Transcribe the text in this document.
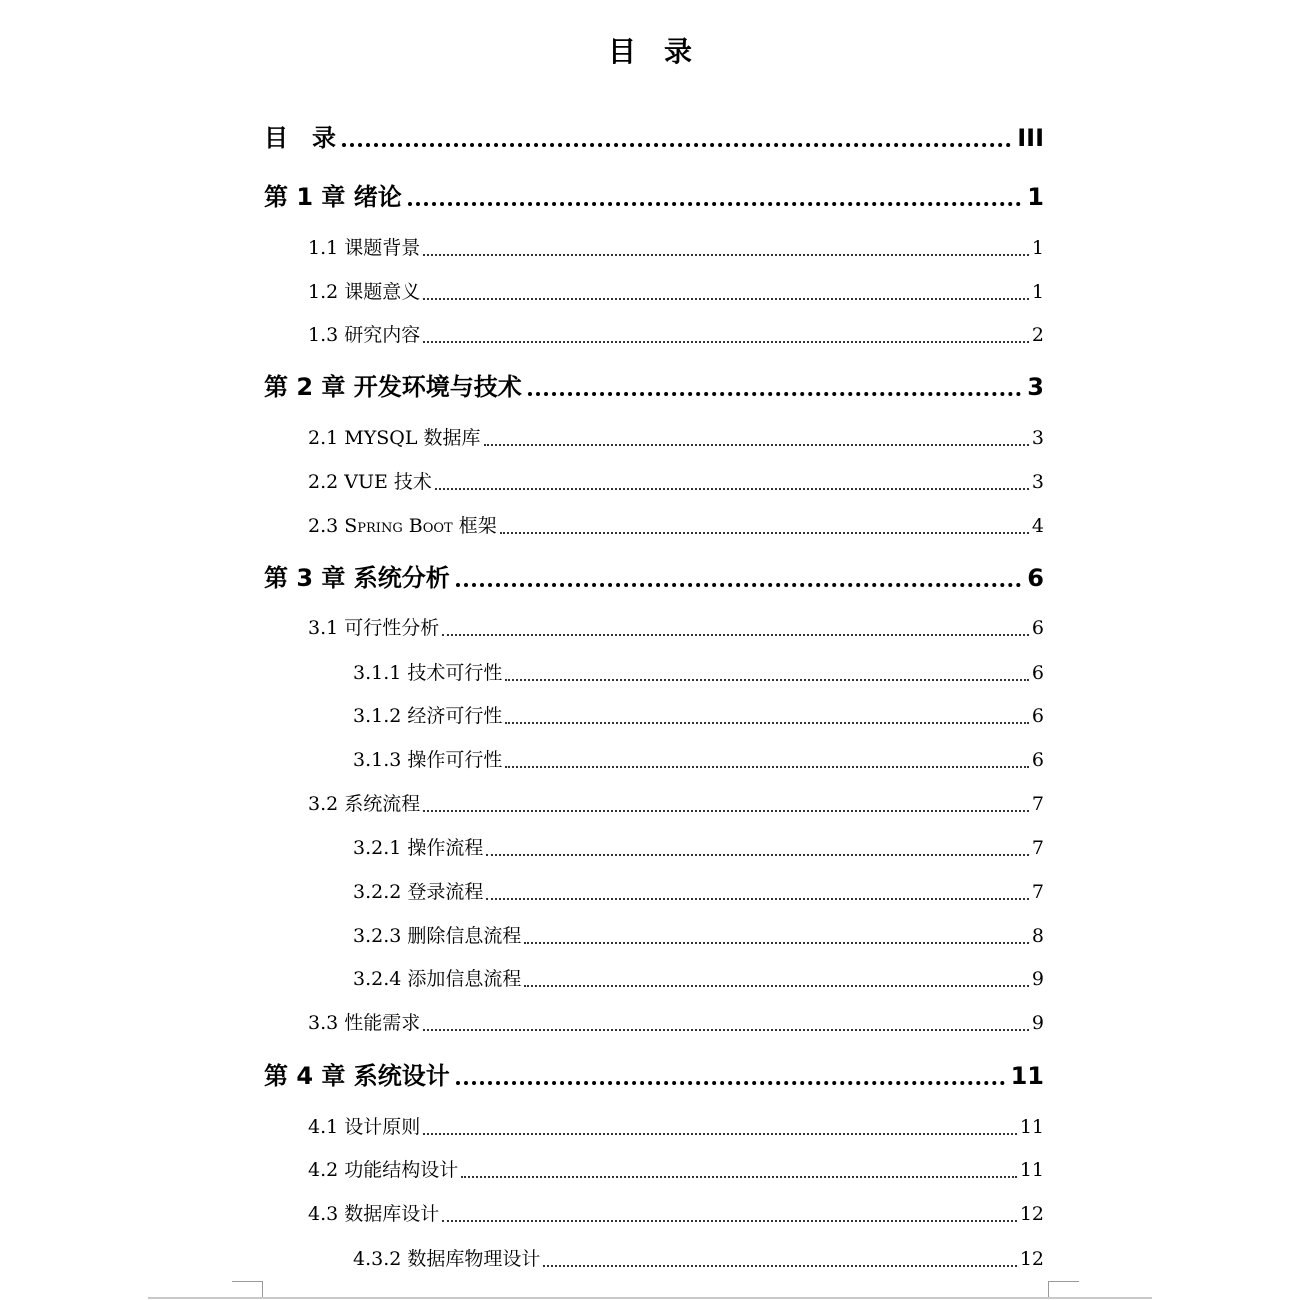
目录
目　录	III
第 1 章 绪论	1
1.1 课题背景	1
1.2 课题意义	1
1.3 研究内容	2
第 2 章 开发环境与技术	3
2.1 MYSQL 数据库	3
2.2 VUE 技术	3
2.3 Spring Boot 框架	4
第 3 章 系统分析	6
3.1 可行性分析	6
3.1.1 技术可行性	6
3.1.2 经济可行性	6
3.1.3 操作可行性	6
3.2 系统流程	7
3.2.1 操作流程	7
3.2.2 登录流程	7
3.2.3 删除信息流程	8
3.2.4 添加信息流程	9
3.3 性能需求	9
第 4 章 系统设计	11
4.1 设计原则	11
4.2 功能结构设计	11
4.3 数据库设计	12
4.3.2 数据库物理设计	12
